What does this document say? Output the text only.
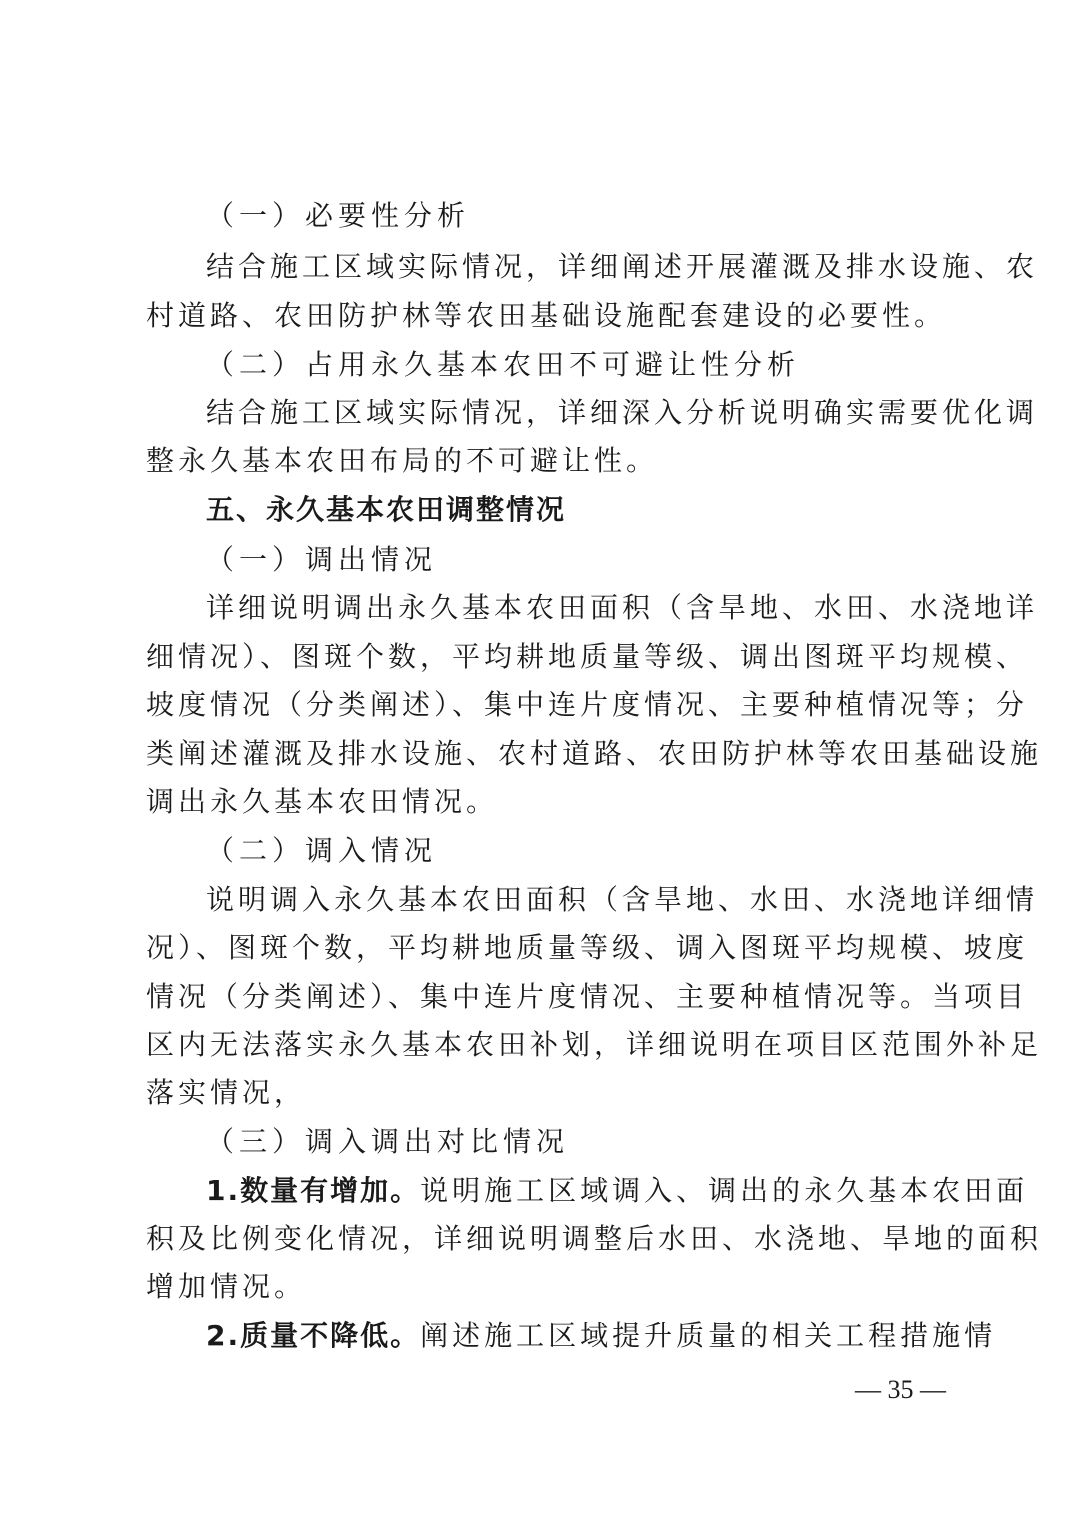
（一）必要性分析
结合施工区域实际情况，详细阐述开展灌溉及排水设施、农
村道路、农田防护林等农田基础设施配套建设的必要性。
（二）占用永久基本农田不可避让性分析
结合施工区域实际情况，详细深入分析说明确实需要优化调
整永久基本农田布局的不可避让性。
五、永久基本农田调整情况
（一）调出情况
详细说明调出永久基本农田面积（含旱地、水田、水浇地详
细情况）、图斑个数，平均耕地质量等级、调出图斑平均规模、
坡度情况（分类阐述）、集中连片度情况、主要种植情况等；分
类阐述灌溉及排水设施、农村道路、农田防护林等农田基础设施
调出永久基本农田情况。
（二）调入情况
说明调入永久基本农田面积（含旱地、水田、水浇地详细情
况）、图斑个数，平均耕地质量等级、调入图斑平均规模、坡度
情况（分类阐述）、集中连片度情况、主要种植情况等。当项目
区内无法落实永久基本农田补划，详细说明在项目区范围外补足
落实情况，
（三）调入调出对比情况
1.数量有增加。说明施工区域调入、调出的永久基本农田面
积及比例变化情况，详细说明调整后水田、水浇地、旱地的面积
增加情况。
2.质量不降低。阐述施工区域提升质量的相关工程措施情
— 35 —
